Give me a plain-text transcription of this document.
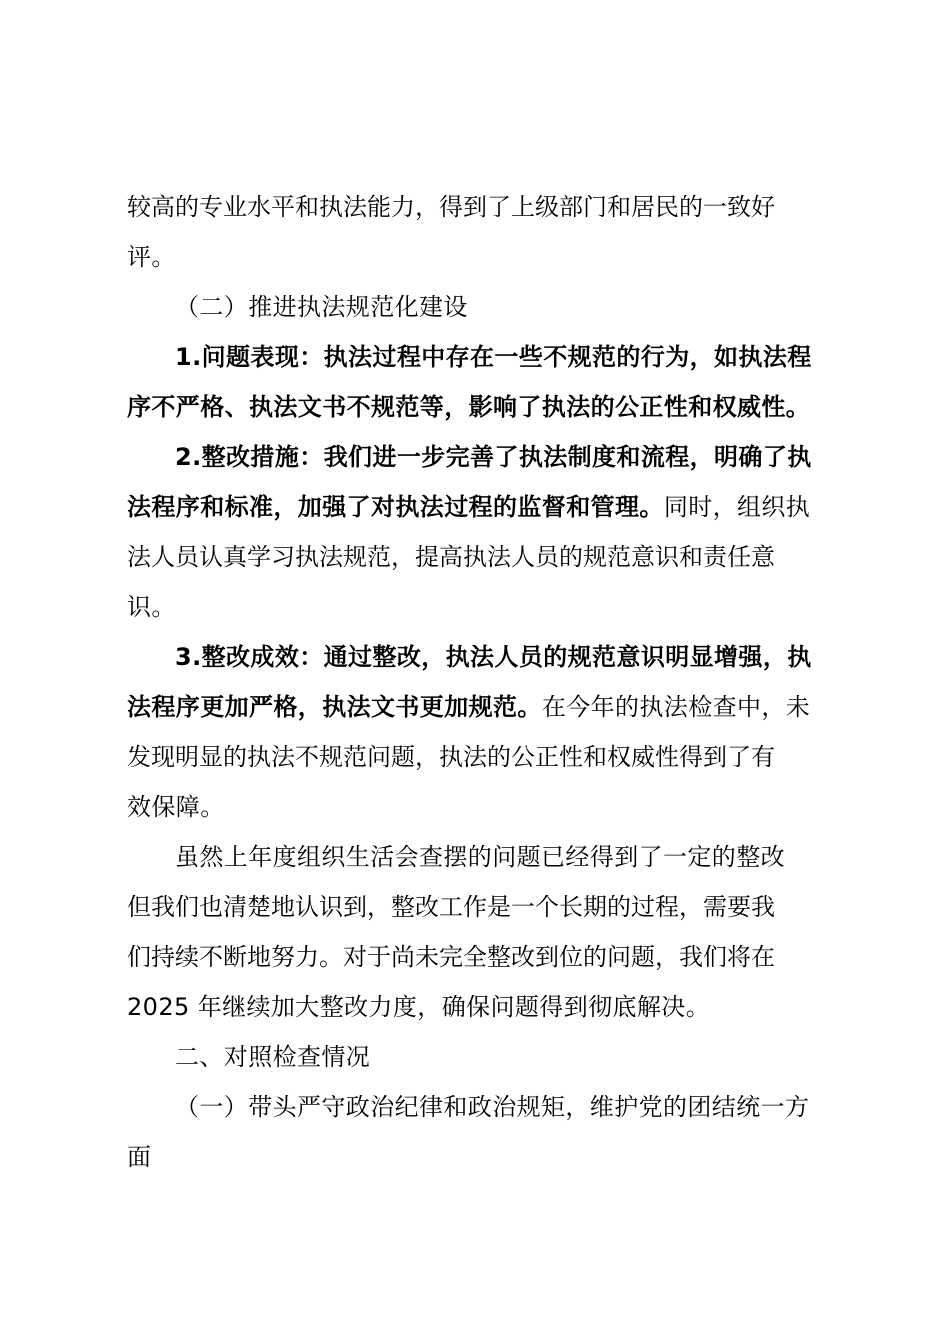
较高的专业水平和执法能力，得到了上级部门和居民的一致好
评。
（二）推进执法规范化建设
1.问题表现：执法过程中存在一些不规范的行为，如执法程
序不严格、执法文书不规范等，影响了执法的公正性和权威性。
2.整改措施：我们进一步完善了执法制度和流程，明确了执
法程序和标准，加强了对执法过程的监督和管理。同时，组织执
法人员认真学习执法规范，提高执法人员的规范意识和责任意
识。
3.整改成效：通过整改，执法人员的规范意识明显增强，执
法程序更加严格，执法文书更加规范。在今年的执法检查中，未
发现明显的执法不规范问题，执法的公正性和权威性得到了有
效保障。
虽然上年度组织生活会查摆的问题已经得到了一定的整改
但我们也清楚地认识到，整改工作是一个长期的过程，需要我
们持续不断地努力。对于尚未完全整改到位的问题，我们将在
2025 年继续加大整改力度，确保问题得到彻底解决。
二、对照检查情况
（一）带头严守政治纪律和政治规矩，维护党的团结统一方
面
